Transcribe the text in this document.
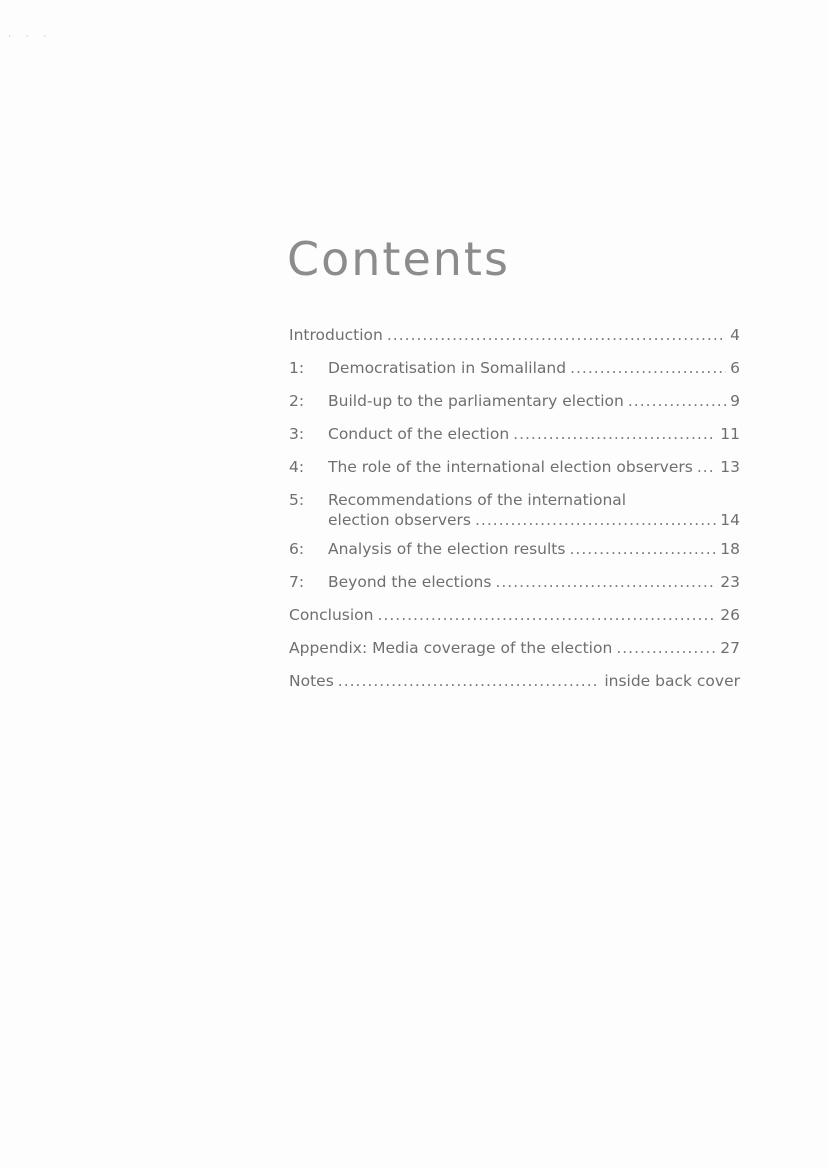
· · ·
Contents
Introduction .....	4
1:	Democratisation in Somaliland .....	6
2:	Build-up to the parliamentary election .....	9
3:	Conduct of the election .....	11
4:	The role of the international election observers ..... 13
5:	Recommendations of the international
election observers .....	14
6:	Analysis of the election results .....	18
7:	Beyond the elections .....	23
Conclusion .....	26
Appendix: Media coverage of the election .....	27
Notes .....	inside back cover
